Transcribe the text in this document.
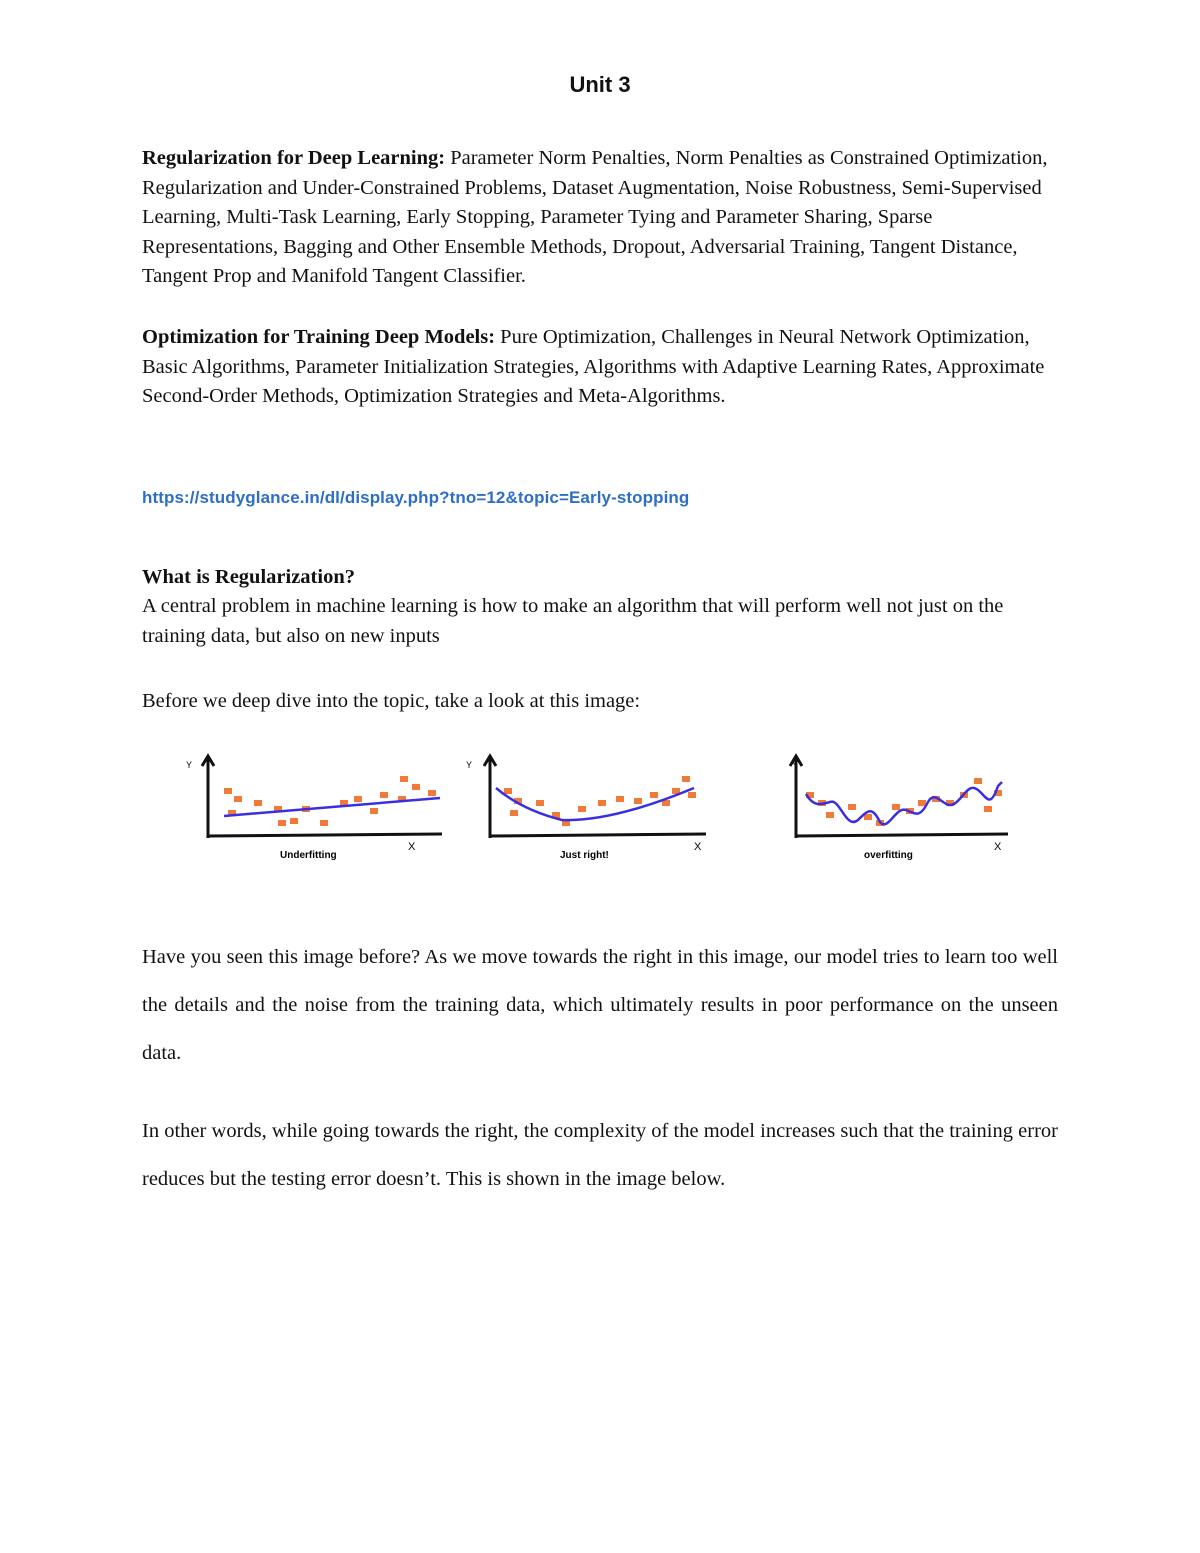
Unit 3

Regularization for Deep Learning: Parameter Norm Penalties, Norm Penalties as Constrained Optimization, Regularization and Under-Constrained Problems, Dataset Augmentation, Noise Robustness, Semi-Supervised Learning, Multi-Task Learning, Early Stopping, Parameter Tying and Parameter Sharing, Sparse Representations, Bagging and Other Ensemble Methods, Dropout, Adversarial Training, Tangent Distance, Tangent Prop and Manifold Tangent Classifier.

Optimization for Training Deep Models: Pure Optimization, Challenges in Neural Network Optimization, Basic Algorithms, Parameter Initialization Strategies, Algorithms with Adaptive Learning Rates, Approximate Second-Order Methods, Optimization Strategies and Meta-Algorithms.

https://studyglance.in/dl/display.php?tno=12&topic=Early-stopping

What is Regularization?

A central problem in machine learning is how to make an algorithm that will perform well not just on the training data, but also on new inputs

Before we deep dive into the topic, take a look at this image:

Y
X
Underfitting
Y
X
Just right!
Y
X
overfitting

Have you seen this image before? As we move towards the right in this image, our model tries to learn too well the details and the noise from the training data, which ultimately results in poor performance on the unseen data.

In other words, while going towards the right, the complexity of the model increases such that the training error reduces but the testing error doesn’t. This is shown in the image below.
